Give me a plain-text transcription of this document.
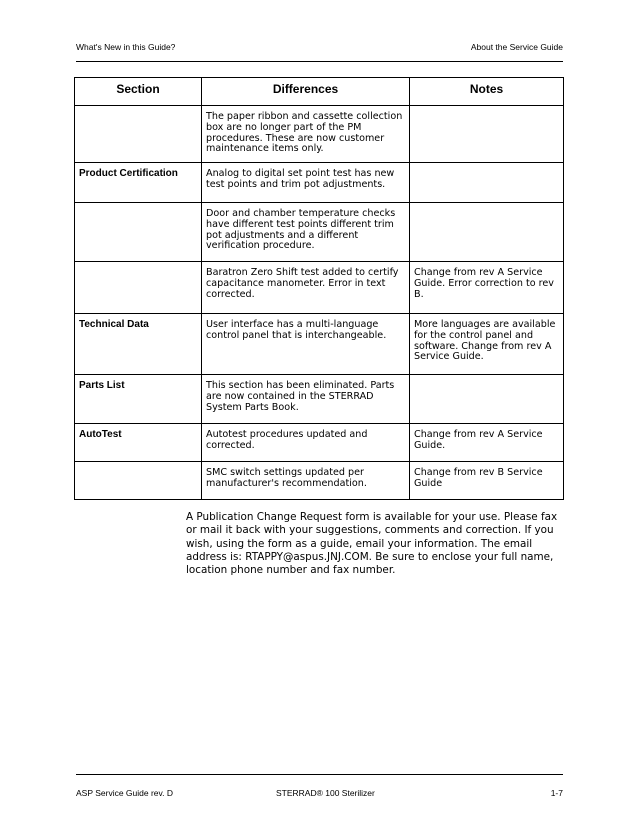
What's New in this Guide?	About the Service Guide
Section	Differences	Notes
	The paper ribbon and cassette collection box are no longer part of the PM procedures. These are now customer maintenance items only.	
Product Certification	Analog to digital set point test has new test points and trim pot adjustments.	
	Door and chamber temperature checks have different test points different trim pot adjustments and a different verification procedure.	
	Baratron Zero Shift test added to certify capacitance manometer. Error in text corrected.	Change from rev A Service Guide. Error correction to rev B.
Technical Data	User interface has a multi-language control panel that is interchangeable.	More languages are available for the control panel and software. Change from rev A Service Guide.
Parts List	This section has been eliminated. Parts are now contained in the STERRAD System Parts Book.	
AutoTest	Autotest procedures updated and corrected.	Change from rev A Service Guide.
	SMC switch settings updated per manufacturer's recommendation.	Change from rev B Service Guide
A Publication Change Request form is available for your use. Please fax or mail it back with your suggestions, comments and correction. If you wish, using the form as a guide, email your information. The email address is: RTAPPY@aspus.JNJ.COM. Be sure to enclose your full name, location phone number and fax number.
ASP Service Guide rev. D	STERRAD® 100 Sterilizer	1-7
